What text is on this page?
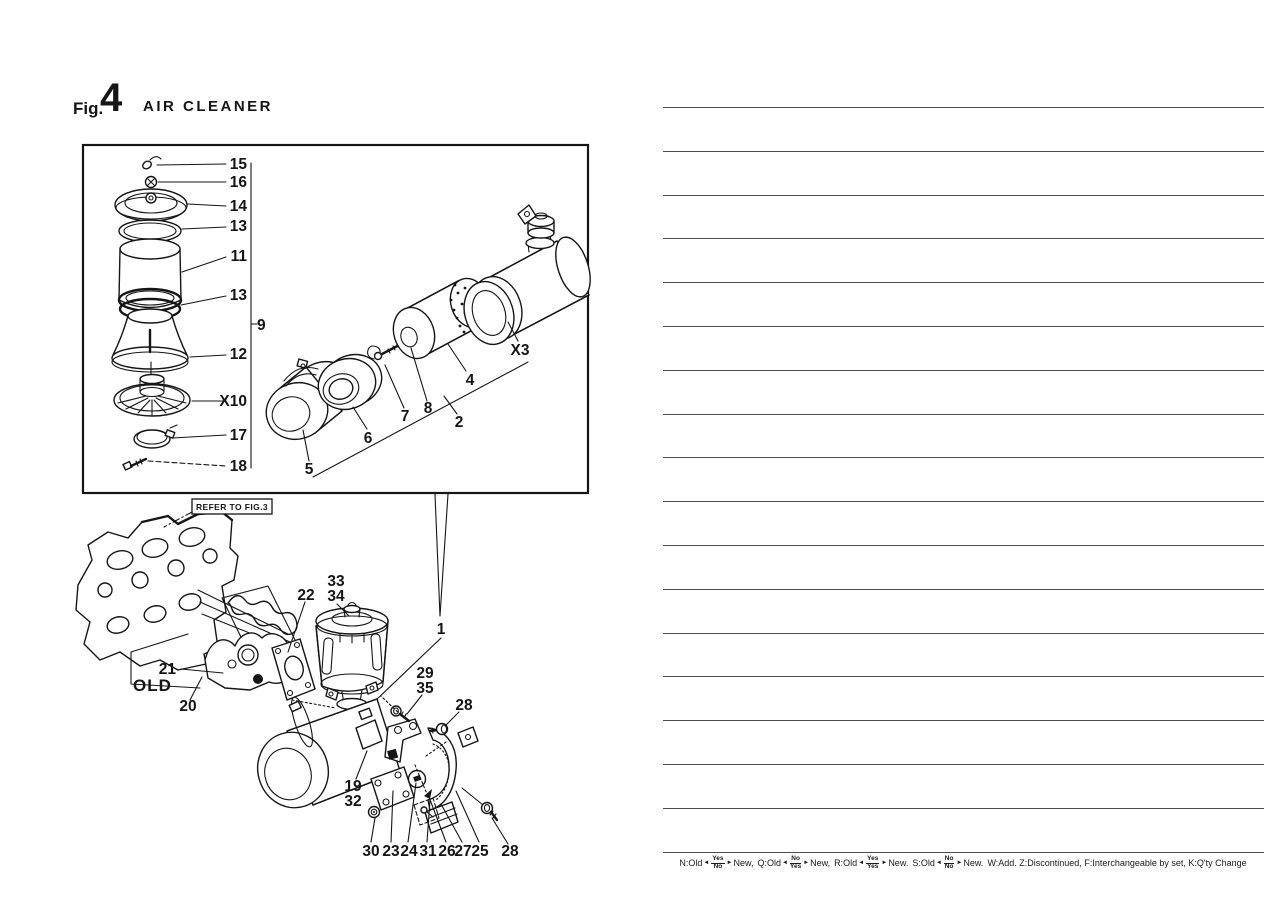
Fig.
4 AIR CLEANER
15
16
14
13
11
13
9
12
X10
17
18	5
6
7 8
2
4
X3
REFER TO FIG.3
22
33
34
21
OLD
20
1
29
35
28
19
32
30 23 24 31 26
27 25 28
N:Old ◄ $\frac{\text{Yes}}{No}$ ► New, Q:Old ◄ $\frac{No}{\text{Yes}}$ ► New, R:Old ◄ $\frac{\text{Yes}}{\text{Yes}}$ ► New. S:Old ◄ $\frac{No}{No}$ ► New. W:Add. Z:Discontinued, F:Interchangeable by set, K:Q'ty Change
